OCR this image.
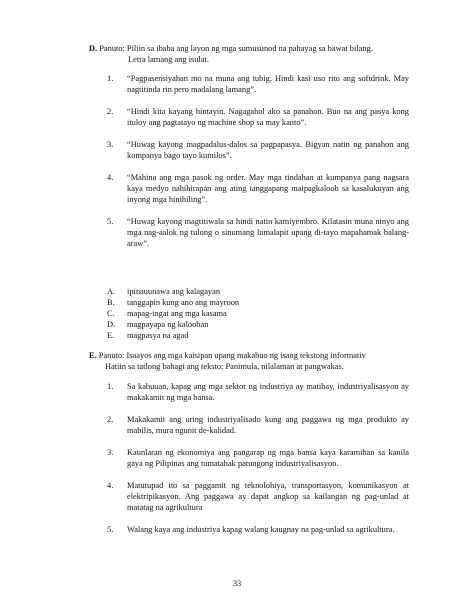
D. Panuto: Piliin sa ibaba ang layon ng mga sumusunod na pahayag sa bawat bilang.

Letra lamang ang isulat.
1. “Pagpasensiyahan mo na muna ang tubig. Hindi kasi uso rito ang softdrink. May nagtitinda rin pero madalang lamang”.
2. “Hindi kita kayang hintayin. Nagagahol ako sa panahon. Buo na ang pasya kong ituloy ang pagtatayo ng machine shop sa may kanto”.
3. “Huwag kayong magpadalus-dalos sa pagpapasya. Bigyan natin ng panahon ang kompanya bago tayo kumilos”.
4. “Mahina ang mga pasok ng order. May mga tindahan at kumpanya pang nagsara kaya medyo nahihirapan ang ating tanggapang maipagkaloob sa kasalukuyan ang inyong mga hinihiling”.
5. “Huwag kayong magtitiwala sa hindi natin kamiyembro. Kilatasin muna ninyo ang mga nag-aalok ng tulong o sinumang lumalapit upang di-tayo mapahamak balang-araw”.
A. ipinauunawa ang kalagayan
B. tanggapin kung ano ang mayroon
C. mapag-ingat ang mga kasama
D. magpayapa ng kalooban
E. magpasya na agad

E. Panuto: Isaayos ang mga kaisipan upang makabuo ng isang tekstong informativ

Hatiin sa tatlong bahagi ang teksto: Panimula, nilalaman at pangwakas.
1. Sa kabuuan, kapag ang mga sektor ng industriya ay matibay, industriyalisasyon ay makakamit ng mga bansa.
2. Makakamit ang uring industriyalisado kung ang paggawa ng mga produkto ay mabilis, mura ngunit de-kalidad.
3. Kaunlaran ng ekonomiya ang pangarap ng mga bansa kaya karamihan sa kanila gaya ng Pilipinas ang tumatahak patungong industriyalisasyon.
4. Matutupad ito sa paggamit ng teknolohiya, transportasyon, komunikasyon at elektripikasyon. Ang paggawa ay dapat angkop sa kailangan ng pag-unlad at matatag na agrikultura
5. Walang kaya ang industriya kapag walang kaugnay na pag-unlad sa agrikultura.
33
